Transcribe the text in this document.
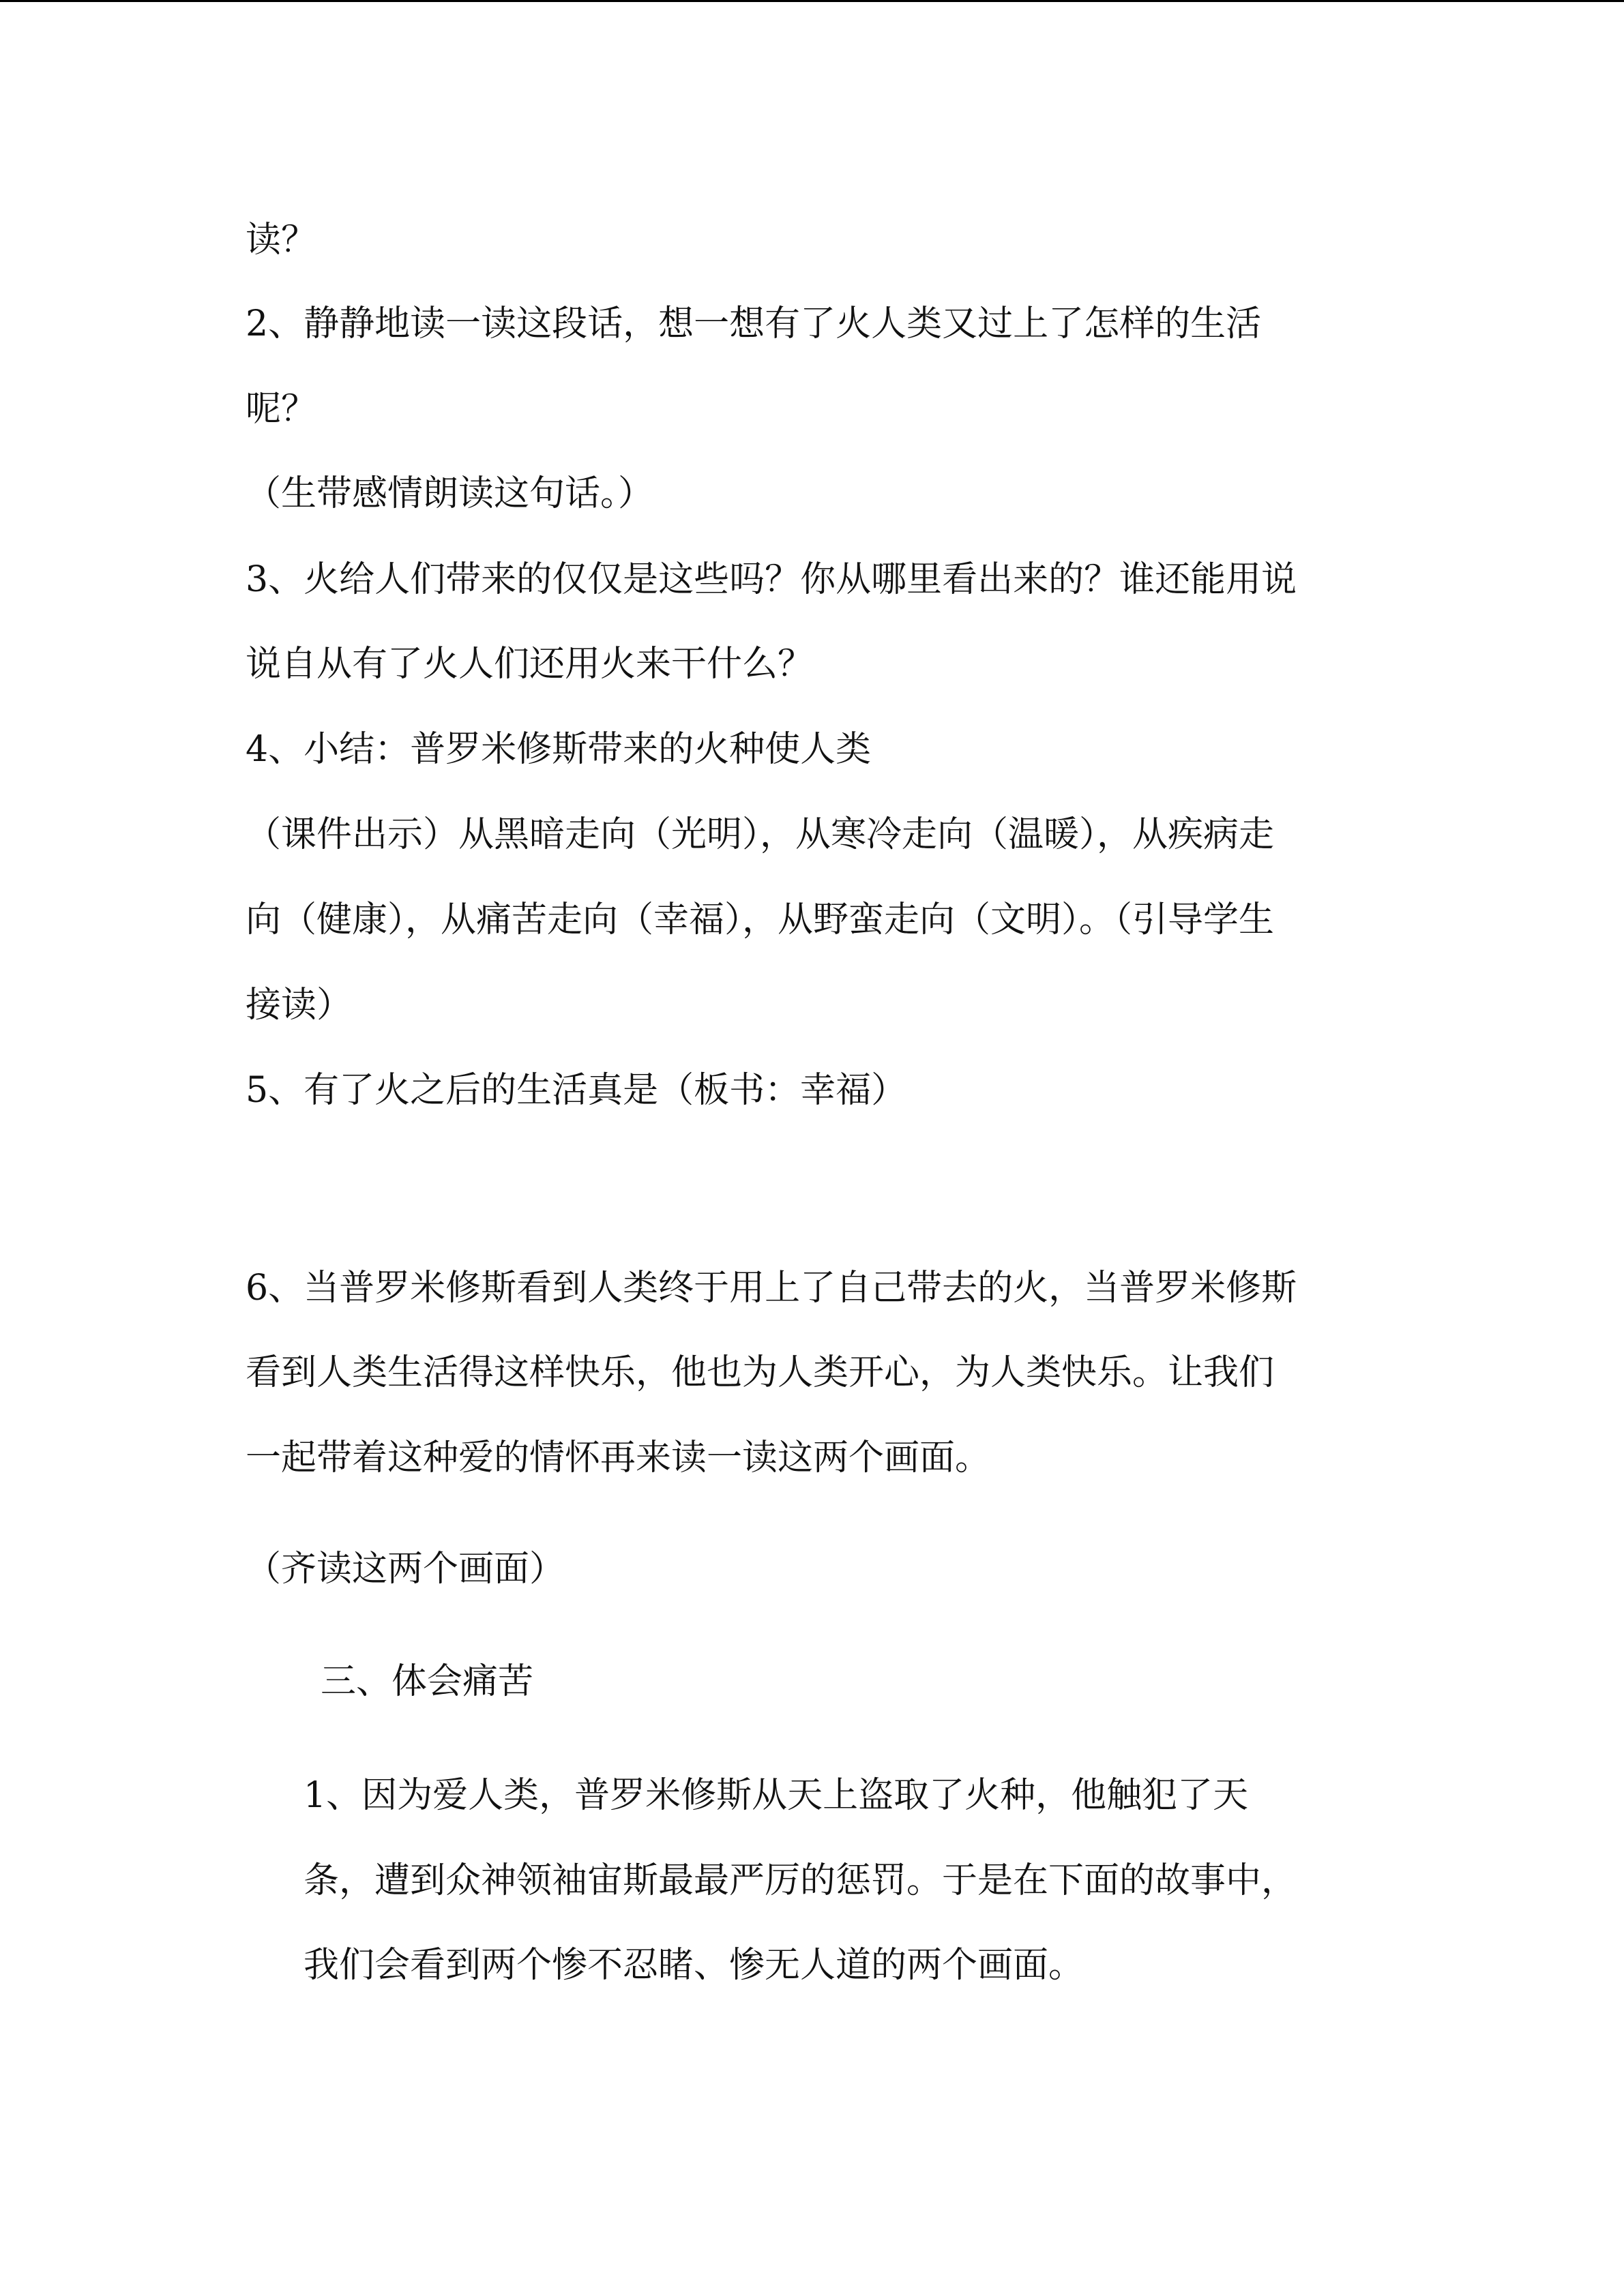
读？

2、静静地读一读这段话，想一想有了火人类又过上了怎样的生活

呢？

（生带感情朗读这句话。）

3、火给人们带来的仅仅是这些吗？你从哪里看出来的？谁还能用说

说自从有了火人们还用火来干什么？

4、小结：普罗米修斯带来的火种使人类

（课件出示）从黑暗走向（光明），从寒冷走向（温暖），从疾病走

向（健康），从痛苦走向（幸福），从野蛮走向（文明）。（引导学生

接读）

5、有了火之后的生活真是（板书：幸福）

6、当普罗米修斯看到人类终于用上了自己带去的火，当普罗米修斯

看到人类生活得这样快乐，他也为人类开心，为人类快乐。让我们

一起带着这种爱的情怀再来读一读这两个画面。

（齐读这两个画面）

三、体会痛苦

1、因为爱人类，普罗米修斯从天上盗取了火种，他触犯了天

条，遭到众神领袖宙斯最最严厉的惩罚。于是在下面的故事中，

我们会看到两个惨不忍睹、惨无人道的两个画面。
